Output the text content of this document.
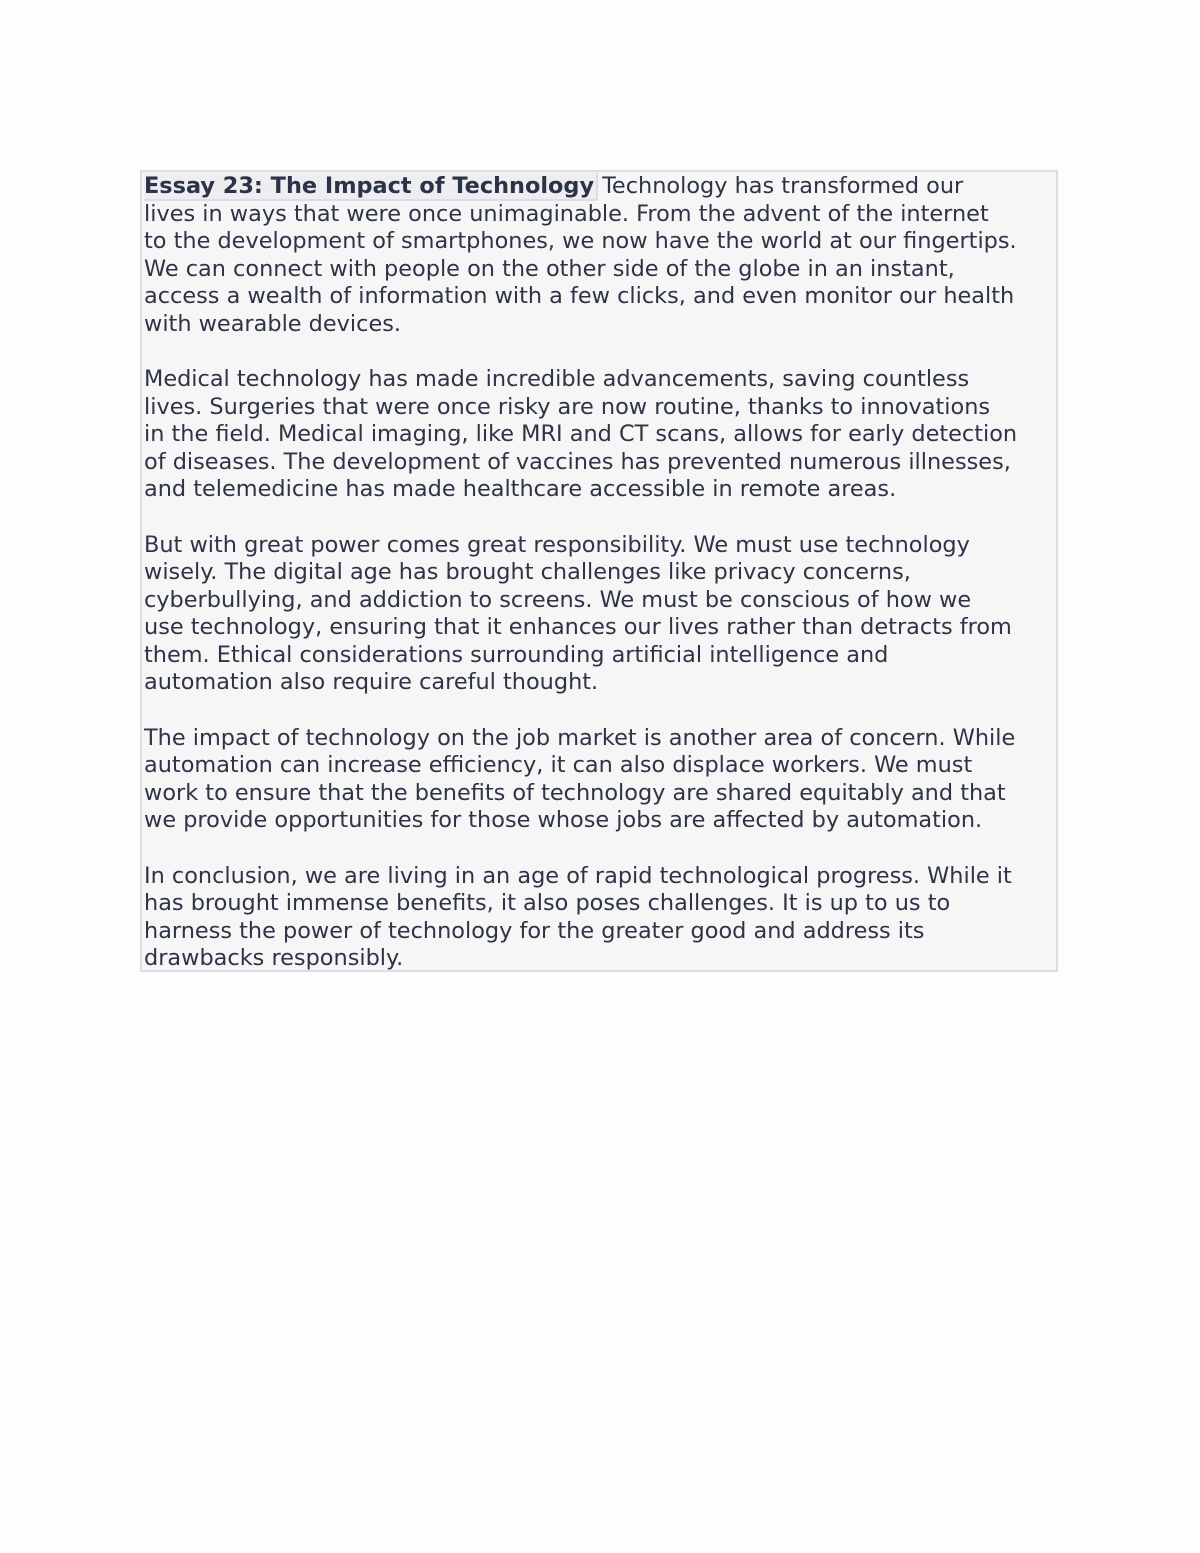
Essay 23: The Impact of Technology Technology has transformed our
lives in ways that were once unimaginable. From the advent of the internet
to the development of smartphones, we now have the world at our fingertips.
We can connect with people on the other side of the globe in an instant,
access a wealth of information with a few clicks, and even monitor our health
with wearable devices.
Medical technology has made incredible advancements, saving countless
lives. Surgeries that were once risky are now routine, thanks to innovations
in the field. Medical imaging, like MRI and CT scans, allows for early detection
of diseases. The development of vaccines has prevented numerous illnesses,
and telemedicine has made healthcare accessible in remote areas.
But with great power comes great responsibility. We must use technology
wisely. The digital age has brought challenges like privacy concerns,
cyberbullying, and addiction to screens. We must be conscious of how we
use technology, ensuring that it enhances our lives rather than detracts from
them. Ethical considerations surrounding artificial intelligence and
automation also require careful thought.
The impact of technology on the job market is another area of concern. While
automation can increase efficiency, it can also displace workers. We must
work to ensure that the benefits of technology are shared equitably and that
we provide opportunities for those whose jobs are affected by automation.
In conclusion, we are living in an age of rapid technological progress. While it
has brought immense benefits, it also poses challenges. It is up to us to
harness the power of technology for the greater good and address its
drawbacks responsibly.
